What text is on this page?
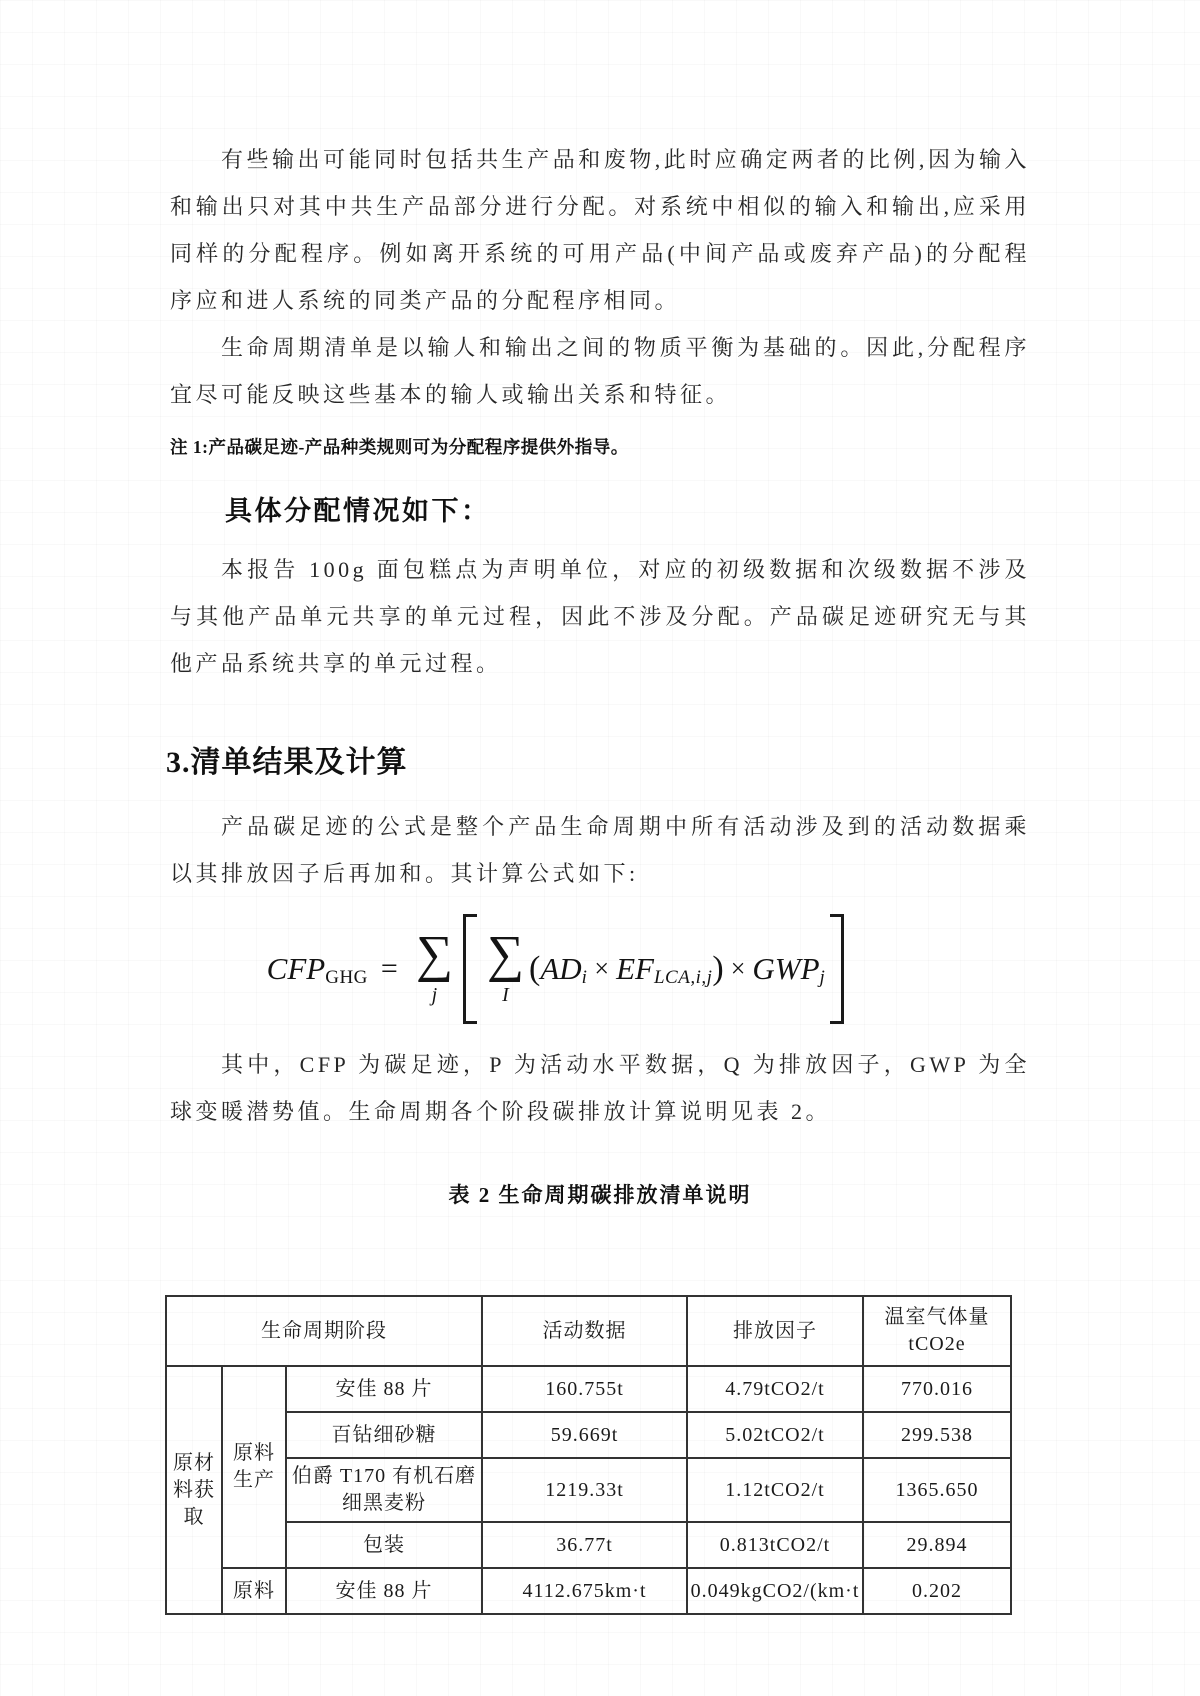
有些输出可能同时包括共生产品和废物,此时应确定两者的比例,因为输入和输出只对其中共生产品部分进行分配。对系统中相似的输入和输出,应采用同样的分配程序。例如离开系统的可用产品(中间产品或废弃产品)的分配程序应和进人系统的同类产品的分配程序相同。

生命周期清单是以输人和输出之间的物质平衡为基础的。因此,分配程序宜尽可能反映这些基本的输人或输出关系和特征。

注 1:产品碳足迹-产品种类规则可为分配程序提供外指导。
具体分配情况如下：

本报告 100g 面包糕点为声明单位，对应的初级数据和次级数据不涉及与其他产品单元共享的单元过程，因此不涉及分配。产品碳足迹研究无与其他产品系统共享的单元过程。

3.清单结果及计算

产品碳足迹的公式是整个产品生命周期中所有活动涉及到的活动数据乘以其排放因子后再加和。其计算公式如下:

CFP GHG = ∑
j
∑
I
( AD i × EF LCA,i,j ) × GWP j

其中，CFP 为碳足迹，P 为活动水平数据，Q 为排放因子，GWP 为全球变暖潜势值。生命周期各个阶段碳排放计算说明见表 2。

表 2 生命周期碳排放清单说明
生命周期阶段			活动数据	排放因子	温室气体量
tCO2e
原材料获取	原料生产	安佳 88 片	160.755t	4.79tCO2/t	770.016
		百钻细砂糖	59.669t	5.02tCO2/t	299.538
		伯爵 T170 有机石磨细黑麦粉	1219.33t	1.12tCO2/t	1365.650
		包装	36.77t	0.813tCO2/t	29.894
	原料	安佳 88 片	4112.675km·t	0.049kgCO2/(km·t	0.202
